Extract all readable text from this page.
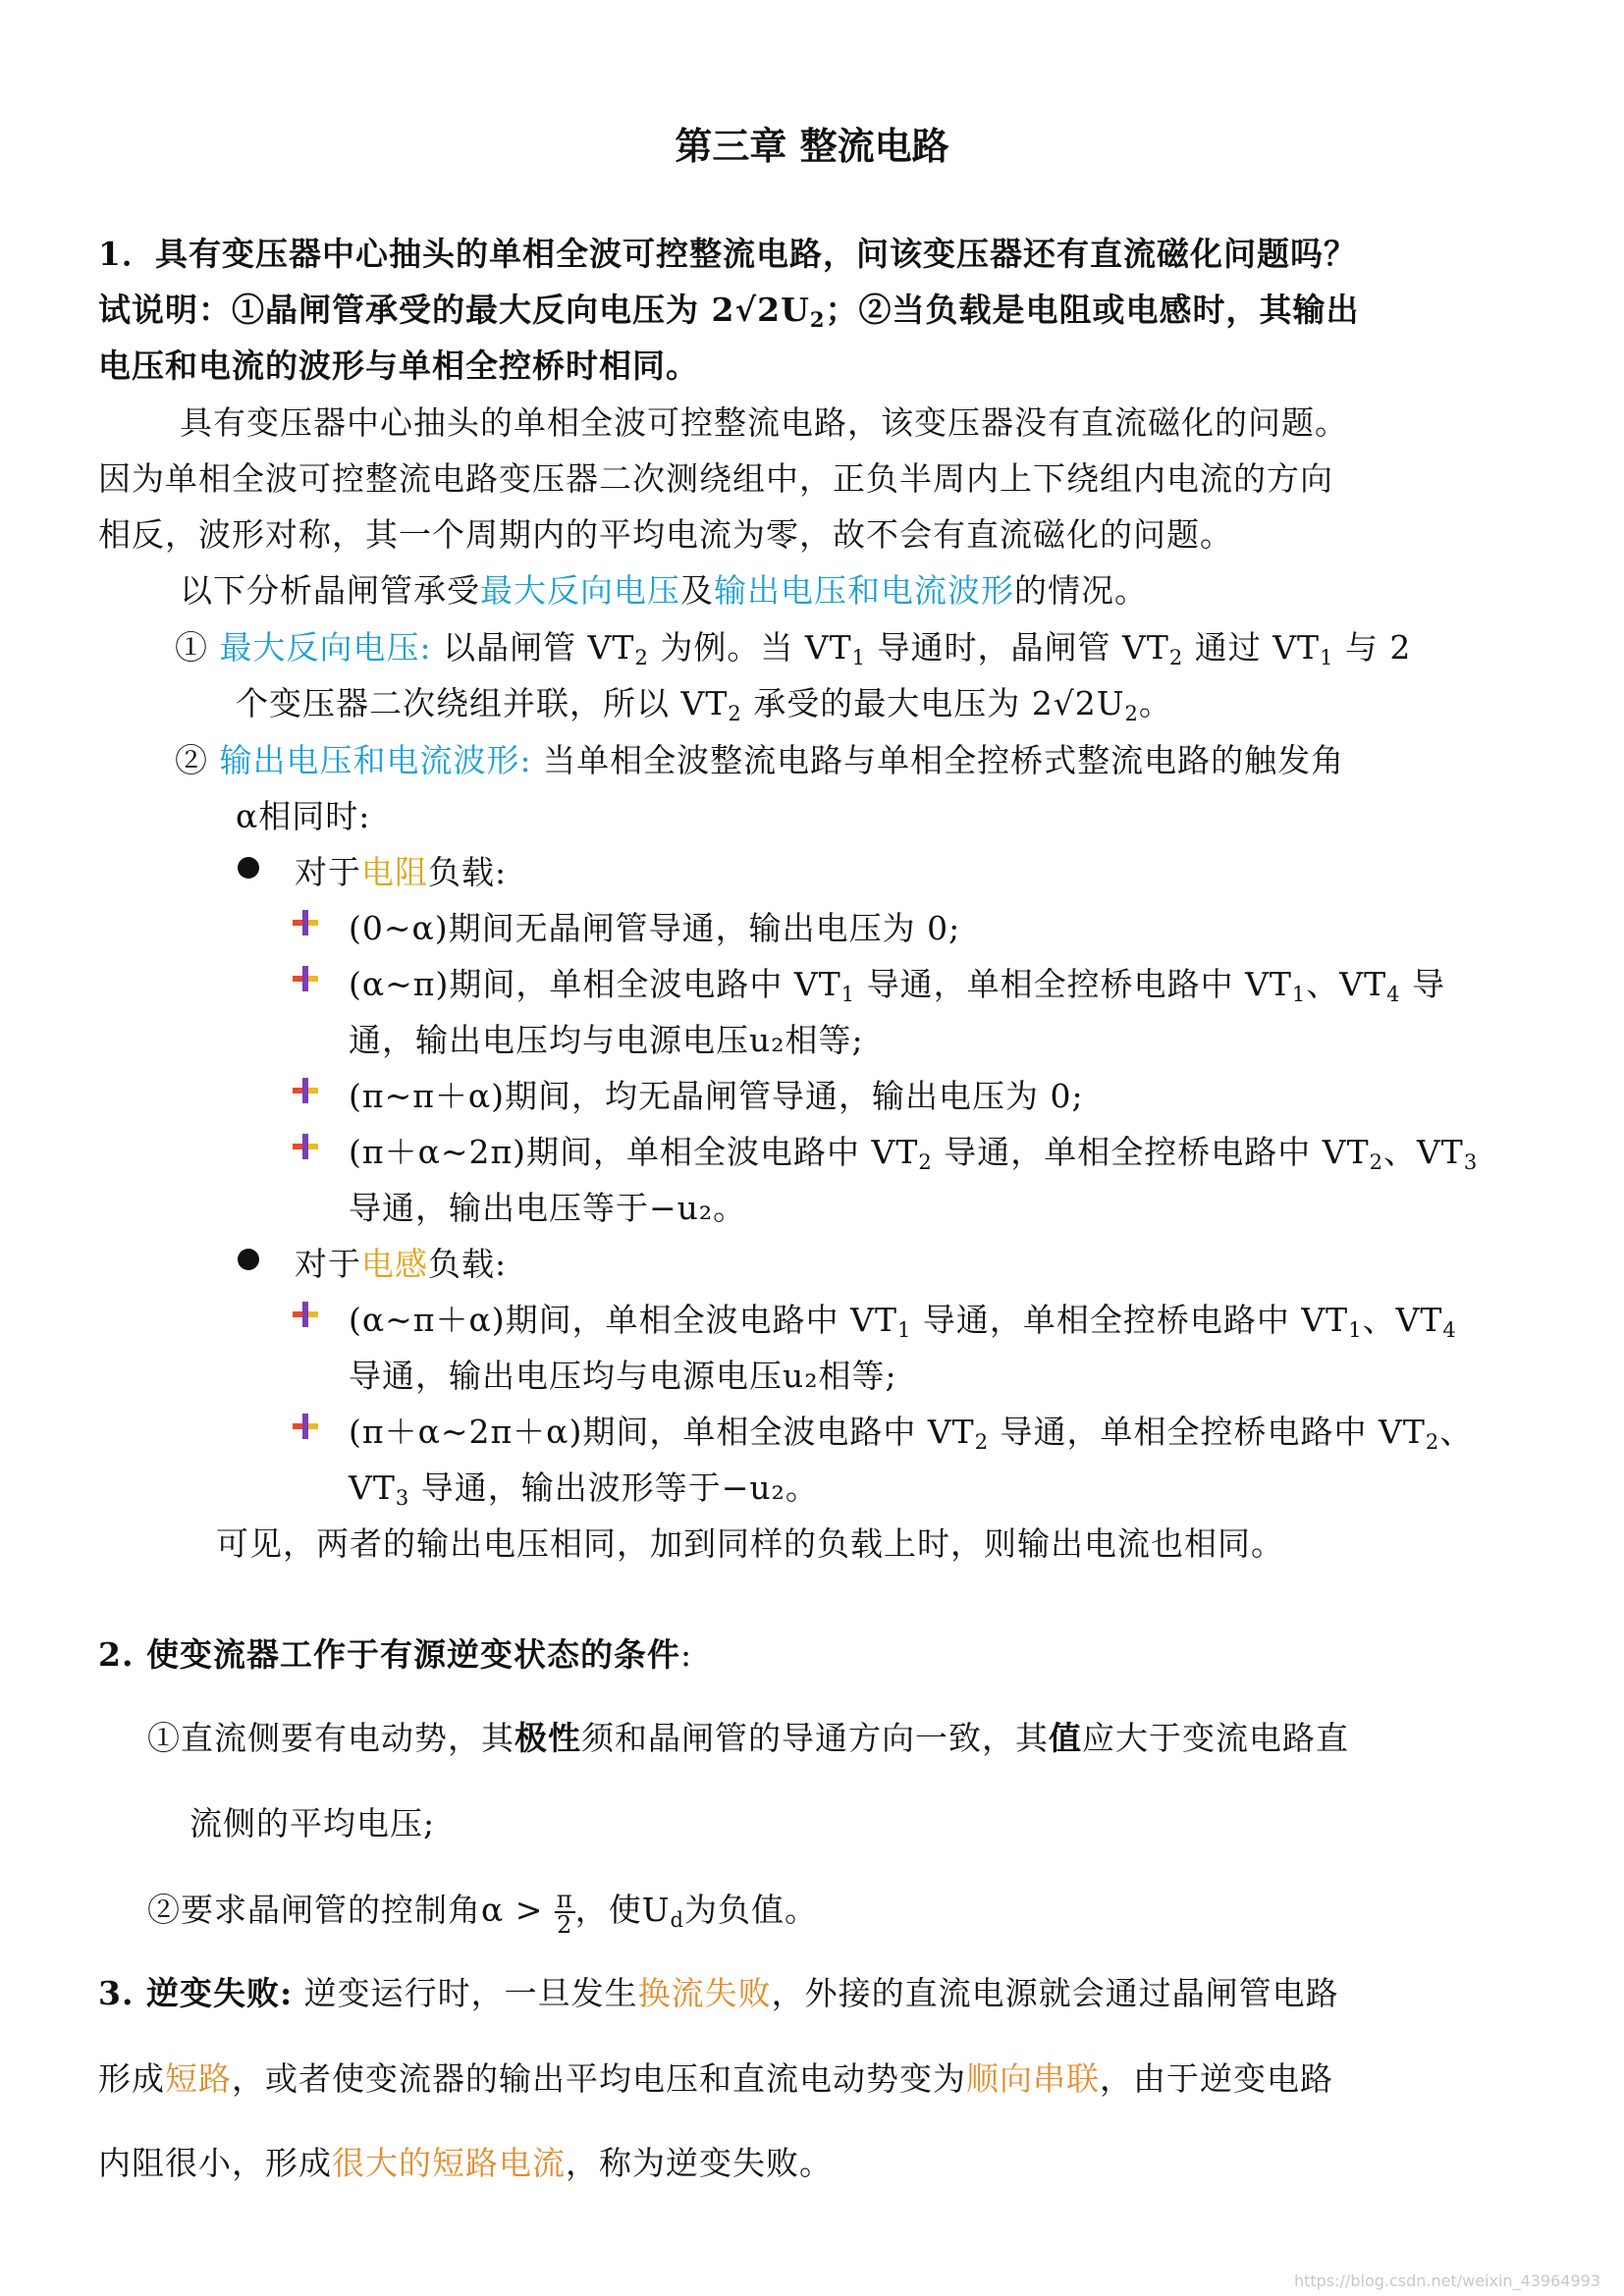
第三章 整流电路
1．具有变压器中心抽头的单相全波可控整流电路，问该变压器还有直流磁化问题吗？
试说明：①晶闸管承受的最大反向电压为 $2√2U_2$；②当负载是电阻或电感时，其输出
电压和电流的波形与单相全控桥时相同。
具有变压器中心抽头的单相全波可控整流电路，该变压器没有直流磁化的问题。
因为单相全波可控整流电路变压器二次测绕组中，正负半周内上下绕组内电流的方向
相反，波形对称，其一个周期内的平均电流为零，故不会有直流磁化的问题。
以下分析晶闸管承受最大反向电压及输出电压和电流波形的情况。
① 最大反向电压: 以晶闸管 $VT_2$ 为例。当 $VT_1$ 导通时，晶闸管 $VT_2$ 通过 $VT_1$ 与 2
个变压器二次绕组并联，所以 $VT_2$ 承受的最大电压为 $2√2U_2$。
② 输出电压和电流波形: 当单相全波整流电路与单相全控桥式整流电路的触发角
α相同时:
对于电阻负载:
(0~α)期间无晶闸管导通，输出电压为 0;
(α~π)期间，单相全波电路中 $VT_1$ 导通，单相全控桥电路中 $VT_1$、$VT_4$ 导
通，输出电压均与电源电压u₂相等;
(π~π＋α)期间，均无晶闸管导通，输出电压为 0;
(π＋α~2π)期间，单相全波电路中 $VT_2$ 导通，单相全控桥电路中 $VT_2$、$VT_3$
导通，输出电压等于−u₂。
对于电感负载:
(α~π＋α)期间，单相全波电路中 $VT_1$ 导通，单相全控桥电路中 $VT_1$、$VT_4$
导通，输出电压均与电源电压u₂相等;
(π＋α~2π＋α)期间，单相全波电路中 $VT_2$ 导通，单相全控桥电路中 $VT_2$、
$VT_3$ 导通，输出波形等于−u₂。
可见，两者的输出电压相同，加到同样的负载上时，则输出电流也相同。
2. 使变流器工作于有源逆变状态的条件:
①直流侧要有电动势，其极性须和晶闸管的导通方向一致，其值应大于变流电路直
流侧的平均电压;
②要求晶闸管的控制角$\alpha > \frac{\pi}{2}$ ，使$U_d$为负值。
3. 逆变失败: 逆变运行时，一旦发生换流失败，外接的直流电源就会通过晶闸管电路
形成短路，或者使变流器的输出平均电压和直流电动势变为顺向串联，由于逆变电路
内阻很小，形成很大的短路电流，称为逆变失败。
https://blog.csdn.net/weixin_43964993
